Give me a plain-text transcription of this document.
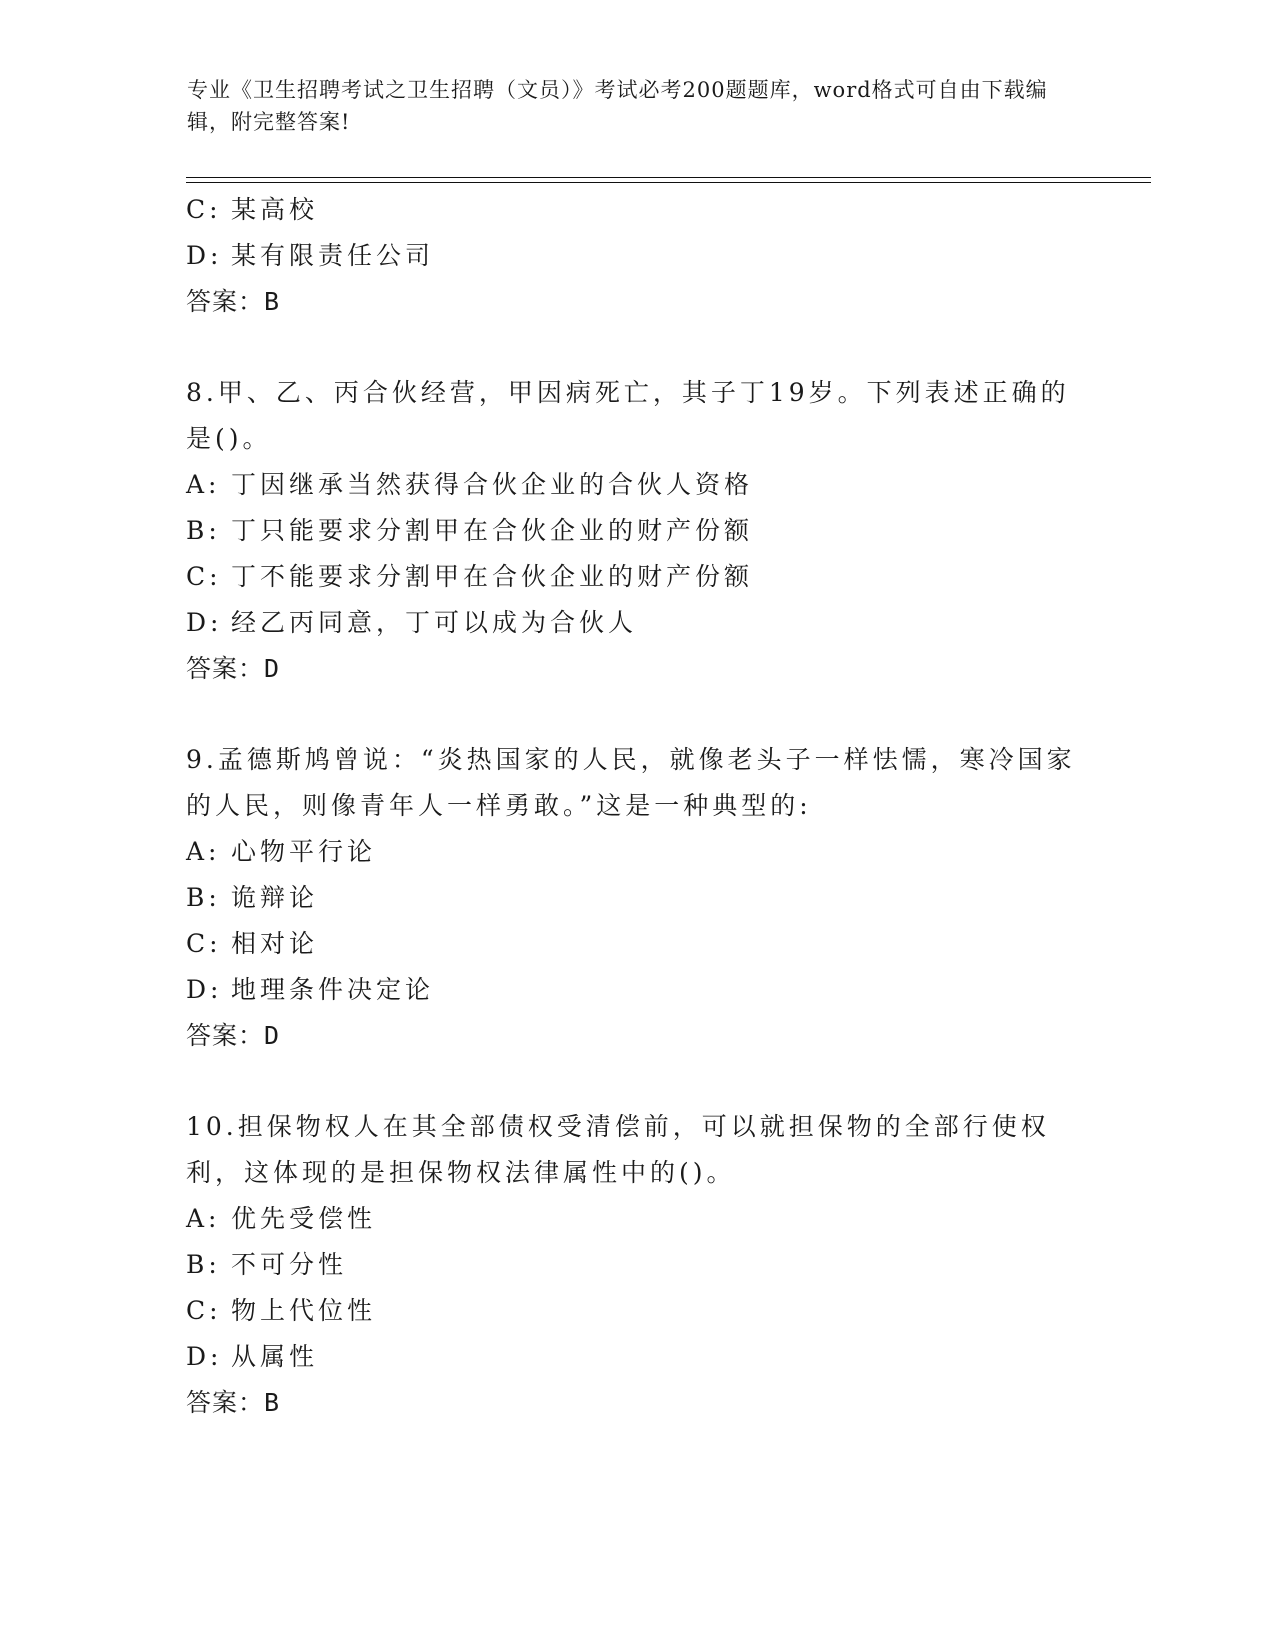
专业《卫生招聘考试之卫生招聘（文员）》考试必考200题题库，word格式可自由下载编辑，附完整答案!
C: 某高校
D: 某有限责任公司
答案：B
8.甲、乙、丙合伙经营，甲因病死亡，其子丁19岁。下列表述正确的是()。
A: 丁因继承当然获得合伙企业的合伙人资格
B: 丁只能要求分割甲在合伙企业的财产份额
C: 丁不能要求分割甲在合伙企业的财产份额
D: 经乙丙同意，丁可以成为合伙人
答案：D
9.孟德斯鸠曾说：“炎热国家的人民，就像老头子一样怯懦，寒冷国家的人民，则像青年人一样勇敢。”这是一种典型的:
A: 心物平行论
B: 诡辩论
C: 相对论
D: 地理条件决定论
答案：D
10.担保物权人在其全部债权受清偿前，可以就担保物的全部行使权利，这体现的是担保物权法律属性中的()。
A: 优先受偿性
B: 不可分性
C: 物上代位性
D: 从属性
答案：B
